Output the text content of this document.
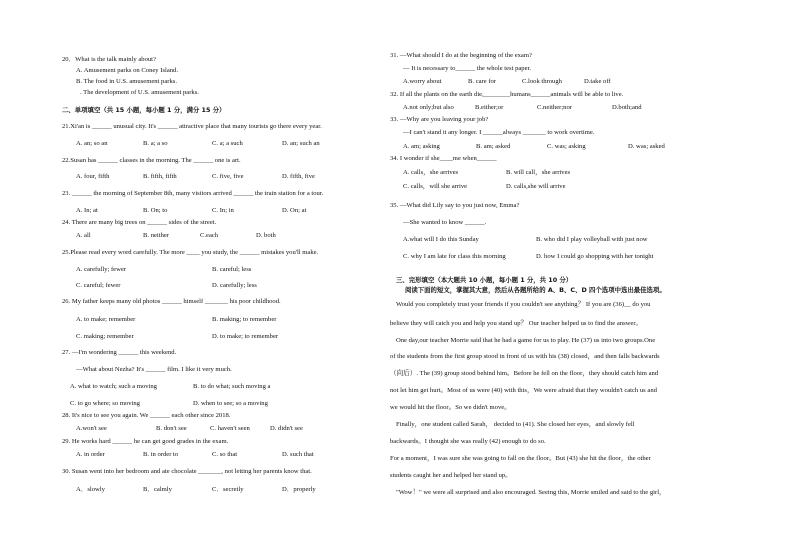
20．What is the talk mainly about?
A. Amusement parks on Coney Island.
B. The food in U.S. amusement parks.
. The development of U.S. amusement parks.
二、单项填空（共 15 小题，每小题 1 分，满分 15 分）
21.Xi'an is ______ unusual city. It's ______ attractive place that many tourists go there every year.
A. an; so an	B. a; a so	C. a; a such	D. an; such an
22.Susan has ______ classes in the morning. The ______ one is art.
A. four, fifth	B. fifth, fifth	C. five, five	D. fifth, five
23. ______ the morning of September 8th, many visitors arrived ______ the train station for a tour.
A. In; at	B. On; to	C. In; in	D. On; at
24. There are many big trees on ______ sides of the street.
A. all	B. neither	C.each	D. both
25.Please read every word carefully. The more ____ you study, the ______ mistakes you'll make.
A. carefully; fewer	B. careful; less
C. careful; fewer	D. carefully; less
26. My father keeps many old photos ______ himself _______ his poor childhood.
A. to make; remember	B. making; to remember
C. making; remember	D. to make; to remember
27. —I'm wondering ______ this weekend.
—What about Nezha? It's ______ film. I like it very much.
A. what to watch; such a moving	B. to do what; such moving a
C. to go where; so moving	D. when to see; so a moving
28. It's nice to see you again. We ______ each other since 2018.
A.won't see	B. don't see	C. haven't seen	D. didn't see
29. He works hard ______ he can get good grades in the exam.
A. in order	B. in order to	C. so that	D. such that
30. Susan went into her bedroom and ate chocolate _______, not letting her parents know that.
A．slowly	B．calmly	C．secretly	D．properly
31. —What should I do at the beginning of the exam?
— It is necessary to______ the whole test paper.
A.worry about	B. care for	C.look through	D.take off
32. If all the plants on the earth die,________humans______animals will be able to live.
A.not only;but also	B.either;or	C.neither;nor	D.both;and
33. —Why are you leaving your job?
—I can't stand it any longer. I ______always _______ to work overtime.
A. am; asking	B. am; asked	C. was; asking	D. was; asked
34. I wonder if she____me when______
A. calls，she arrives	B. will call，she arrives
C. calls，will she arrive	D. calls,she will arrive
35. —What did Lily say to you just now, Emma?
—She wanted to know ______.
A.what will I do this Sunday	B. who did I play volleyball with just now
C. why I am late for class this morning	D. how I could go shopping with her tonight
三、完形填空（本大题共 10 小题，每小题 1 分，共 10 分）
阅读下面的短文，掌握其大意，然后从各题所给的 A、B、C、D 四个选项中选出最佳选项。
Would you completely trust your friends if you couldn't see anything？ If you are (36)__ do you
believe they will catch you and help you stand up？ Our teacher helped us to find the answer。
One day,our teacher Morrie said that he had a game for us to play. He (37) us into two groups.One
of the students from the first group stood in front of us with his (38) closed，and then falls backwards
（向后）. The (39) group stood behind him。Before he fell on the floor，they should catch him and
not let him get hurt。Most of us were (40) with this，We were afraid that they wouldn't catch us and
we would hit the floor。So we didn't move。
Finally，one student called Sarah， decided to (41). She closed her eyes，and slowly fell
backwards。I thought she was really (42) enough to do so.
For a moment，I was sure she was going to fall on the floor。But (43) she hit the floor，the other
students caught her and helped her stand up。
"Wow！" we were all surprised and also encouraged. Seeing this, Morrie smiled and said to the girl，
